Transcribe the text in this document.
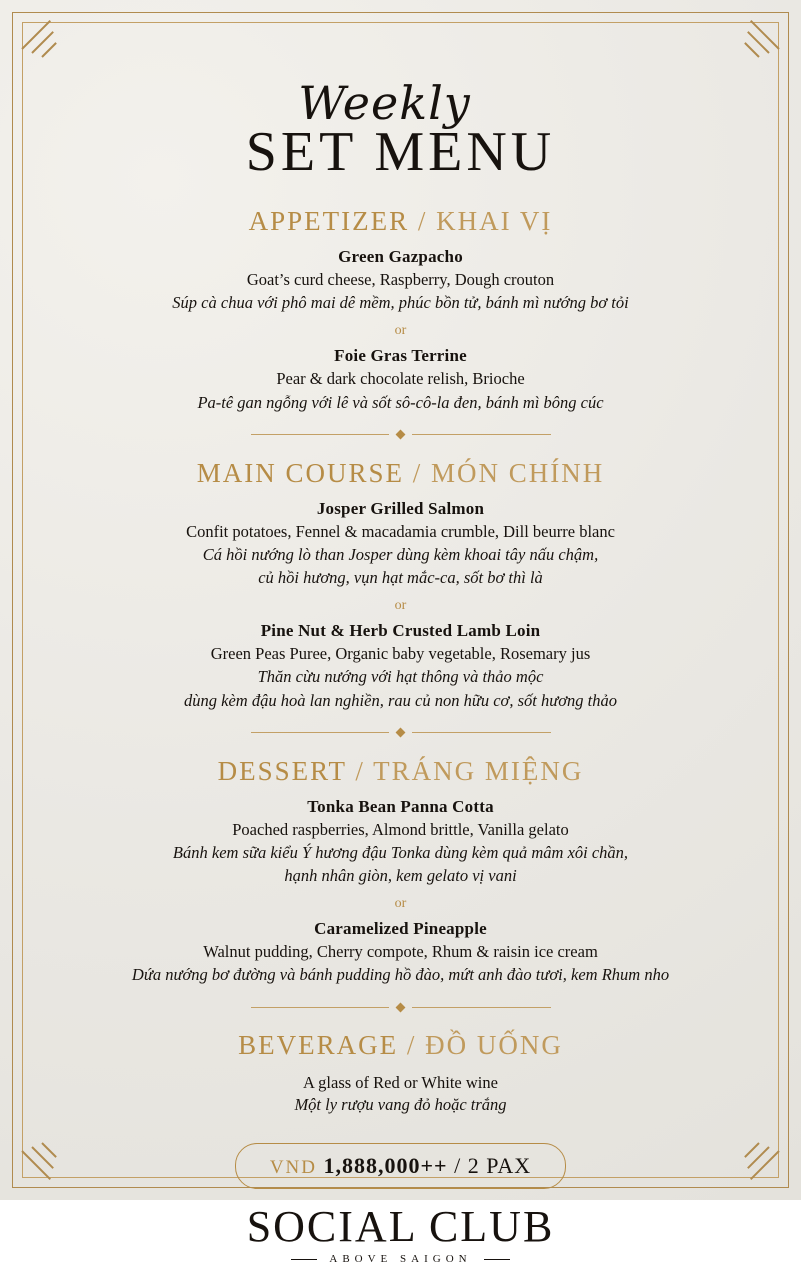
Weekly
SET MENU
APPETIZER / KHAI VỊ
Green Gazpacho
Goat’s curd cheese, Raspberry, Dough crouton
Súp cà chua với phô mai dê mềm, phúc bồn tử, bánh mì nướng bơ tỏi
or
Foie Gras Terrine
Pear & dark chocolate relish, Brioche
Pa-tê gan ngỗng với lê và sốt sô-cô-la đen, bánh mì bông cúc
MAIN COURSE / MÓN CHÍNH
Josper Grilled Salmon
Confit potatoes, Fennel & macadamia crumble, Dill beurre blanc
Cá hồi nướng lò than Josper dùng kèm khoai tây nấu chậm,
củ hồi hương, vụn hạt mắc-ca, sốt bơ thì là
or
Pine Nut & Herb Crusted Lamb Loin
Green Peas Puree, Organic baby vegetable, Rosemary jus
Thăn cừu nướng với hạt thông và thảo mộc
dùng kèm đậu hoà lan nghiền, rau củ non hữu cơ, sốt hương thảo
DESSERT / TRÁNG MIỆNG
Tonka Bean Panna Cotta
Poached raspberries, Almond brittle, Vanilla gelato
Bánh kem sữa kiểu Ý hương đậu Tonka dùng kèm quả mâm xôi chần,
hạnh nhân giòn, kem gelato vị vani
or
Caramelized Pineapple
Walnut pudding, Cherry compote, Rhum & raisin ice cream
Dứa nướng bơ đường và bánh pudding hồ đào, mứt anh đào tươi, kem Rhum nho
BEVERAGE / ĐỒ UỐNG
A glass of Red or White wine
Một ly rượu vang đỏ hoặc trắng
VND 1,888,000++ / 2 PAX
SOCIAL CLUB
ABOVE SAIGON
